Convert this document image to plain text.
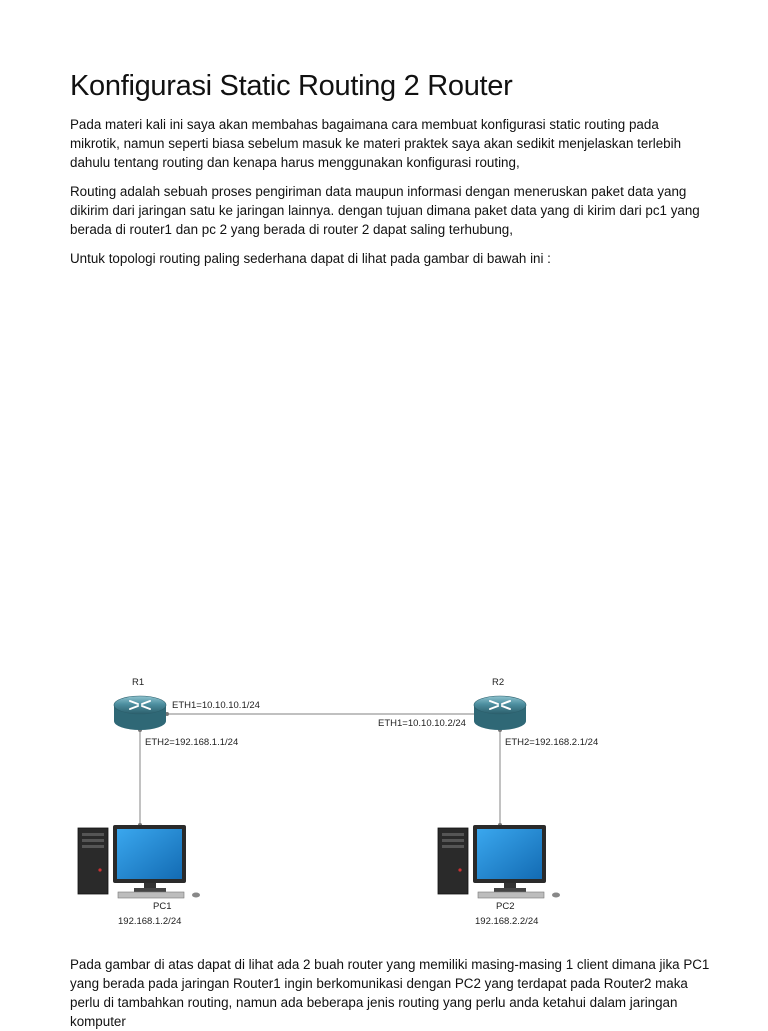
Konfigurasi Static Routing 2 Router

Pada materi kali ini saya akan membahas bagaimana cara membuat konfigurasi static routing pada mikrotik, namun seperti biasa sebelum masuk ke materi praktek saya akan sedikit menjelaskan terlebih dahulu tentang routing dan kenapa harus menggunakan konfigurasi routing,

Routing adalah sebuah proses pengiriman data maupun informasi dengan meneruskan paket data yang dikirim dari jaringan satu ke jaringan lainnya. dengan tujuan dimana paket data yang di kirim dari pc1 yang berada di router1 dan pc 2 yang berada di router 2 dapat saling terhubung,

Untuk topologi routing paling sederhana dapat di lihat pada gambar di bawah ini :

R1	R2
ETH1=10.10.10.1/24
ETH1=10.10.10.2/24
ETH2=192.168.1.1/24	ETH2=192.168.2.1/24
PC1
192.168.1.2/24
PC2
192.168.2.2/24

Pada gambar di atas dapat di lihat ada 2 buah router yang memiliki masing-masing 1 client dimana jika PC1 yang berada pada jaringan Router1 ingin berkomunikasi dengan PC2 yang terdapat pada Router2 maka perlu di tambahkan routing, namun ada beberapa jenis routing yang perlu anda ketahui dalam jaringan komputer
